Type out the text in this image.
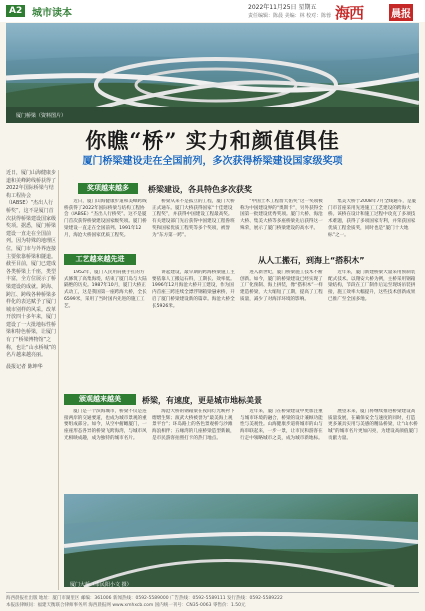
A2 城市读本
2022年11月25日 星期五
责任编辑：陈晨 美编：林 校对：陈蓉 海西	晨报
厦门桥梁（资料图片）
你瞧“桥” 实力和颜值俱佳
厦门桥梁建设走在全国前列，多次获得桥梁建设国家级奖项

近日，厦门山海健康步道和美峰跨线桥获得了2022年国际桥梁与结构工程协会（IABSE）“杰出人行桥奖”，这不是厦门首次获得桥梁建设国家级奖项。据悉，厦门桥梁建设一直走在全国前列。因为特殊的地理区位，厦门市与外界连接主要依靠桥梁和隧道。截至目前，厦门已建成各类桥梁上千座，类型丰富，全方位展示了桥梁建设的成就。跨海、跨江、跨线各种桥梁多样化的表达赋予了厦门城市别样的风采。改革开放四十多年来，厦门建设了一大批地标性桥梁和特色桥梁，让厦门有了“桥梁博物馆”之称，也让“山水桥城”的名片越来越亮丽。

晨报记者 陈坤华

奖项越来越多	桥梁建设，各具特色多次获奖

近日，厦门山海健康步道和美峰跨线桥获得了2022年国际桥梁与结构工程协会（IABSE）“杰出人行桥奖”。这不是厦门首次获得桥梁建设国家级奖项。厦门桥梁建设一直走在全国前列。1991年12月，海沧大桥国家优质工程奖。

桥梁从来不是孤立的工程，厦门大桥正式通车。厦门大桥获得国家“十佳建设工程奖”，并获得中国建设工程最高奖。有关建设部门先后获得中国建设工程鲁班奖和国家优质工程奖等多个奖项，被誉为“东方第一跨”。

“中国土木工程詹天佑奖”这一奖项被称为中国建设界的“奥斯卡”，另外获得全国第一批建设优秀奖项。厦门大桥、海沧大桥、集美大桥等多座桥梁先后获得这一殊荣，展示了厦门桥梁建设的高水平。

集美大桥于2008年7月全线通车，是厦门市首座采用先进施工工艺建设的跨海大桥。该桥在设计和施工过程中攻克了多项技术难题，获得了多项国家专利，并荣获国家优质工程金质奖，同时也是“厦门十大地标”之一。

工艺越来越先进	从人工搬石，到海上“搭积木”

1952年，厦门人民用肩挑手扛的方式修筑了高集海堤，结束了厦门岛与大陆隔绝的历史。1987年10月，厦门大桥正式动工，这是我国第一座跨海大桥，全长6599米，采用了当时国内先进的施工工艺。

讲起建设，最早期的跨海桥梁施工主要依靠人工搬运石料，工期长、效率低。1996年12月海沧大桥开工建设，作为国内首座三跨连续全漂浮钢箱梁悬索桥，开启了厦门桥梁建设新的篇章。海沧大桥全长5926米。

进入新世纪，厦门桥梁施工技术不断创新。如今，厦门的桥梁建设已经实现了工厂化预制、海上拼装，像“搭积木”一样建造桥梁，大大缩短了工期，提高了工程质量，减少了对海洋环境的影响。

近年来，厦门新建桥梁大量采用预制装配式技术。以翔安大桥为例，主桥采用钢箱梁结构，节段在工厂制作后运至现场吊装拼接，施工效率大幅提升，这些技术创新成果已推广至全国多地。

颁观越来越美	桥梁，有速度，更是城市地标美景

厦门是一个滨海城市，桥梁不仅是连接两岸的交通要道，也成为城市景观的重要组成部分。如今，从空中俯瞰厦门，一座座形态各异的桥梁飞跨海湾，与城市风光相映成趣，成为独特的城市名片。

海沧大桥的钢箱梁在夜间灯光映衬下熠熠生辉；演武大桥被誉为“最美海上观景平台”；环岛路上的各色景观桥与沙滩海浪相伴；五缘湾的几座桥梁造型新颖，是市民游客拍照打卡的热门地点。

近年来，厦门在桥梁建设中更加注重与城市环境的融合，桥梁的设计兼顾功能性与美观性。山海健康步道将城市的山与海串联起来，一步一景，让市民和游客在行走中领略城市之美，成为城市新地标。

展望未来，厦门将继续推进桥梁建设高质量发展，在确保安全与速度的同时，打造更多兼具实用与美感的精品桥梁，让“山水桥城”的城市名片更加闪亮，为建设高颜值厦门贡献力量。

厦门大桥（市民阳小文 摄）
海西晨报社出版 地址：厦门市湖里区 邮编：361006 新闻热线：0592-5589000 广告热线：0592-5589111 发行热线：0592-5589222
本报法律顾问：福建天衡联合律师事务所 海西晨报网 www.xmhxcb.com 国内统一刊号：CN35-0063 零售价：1.50元
